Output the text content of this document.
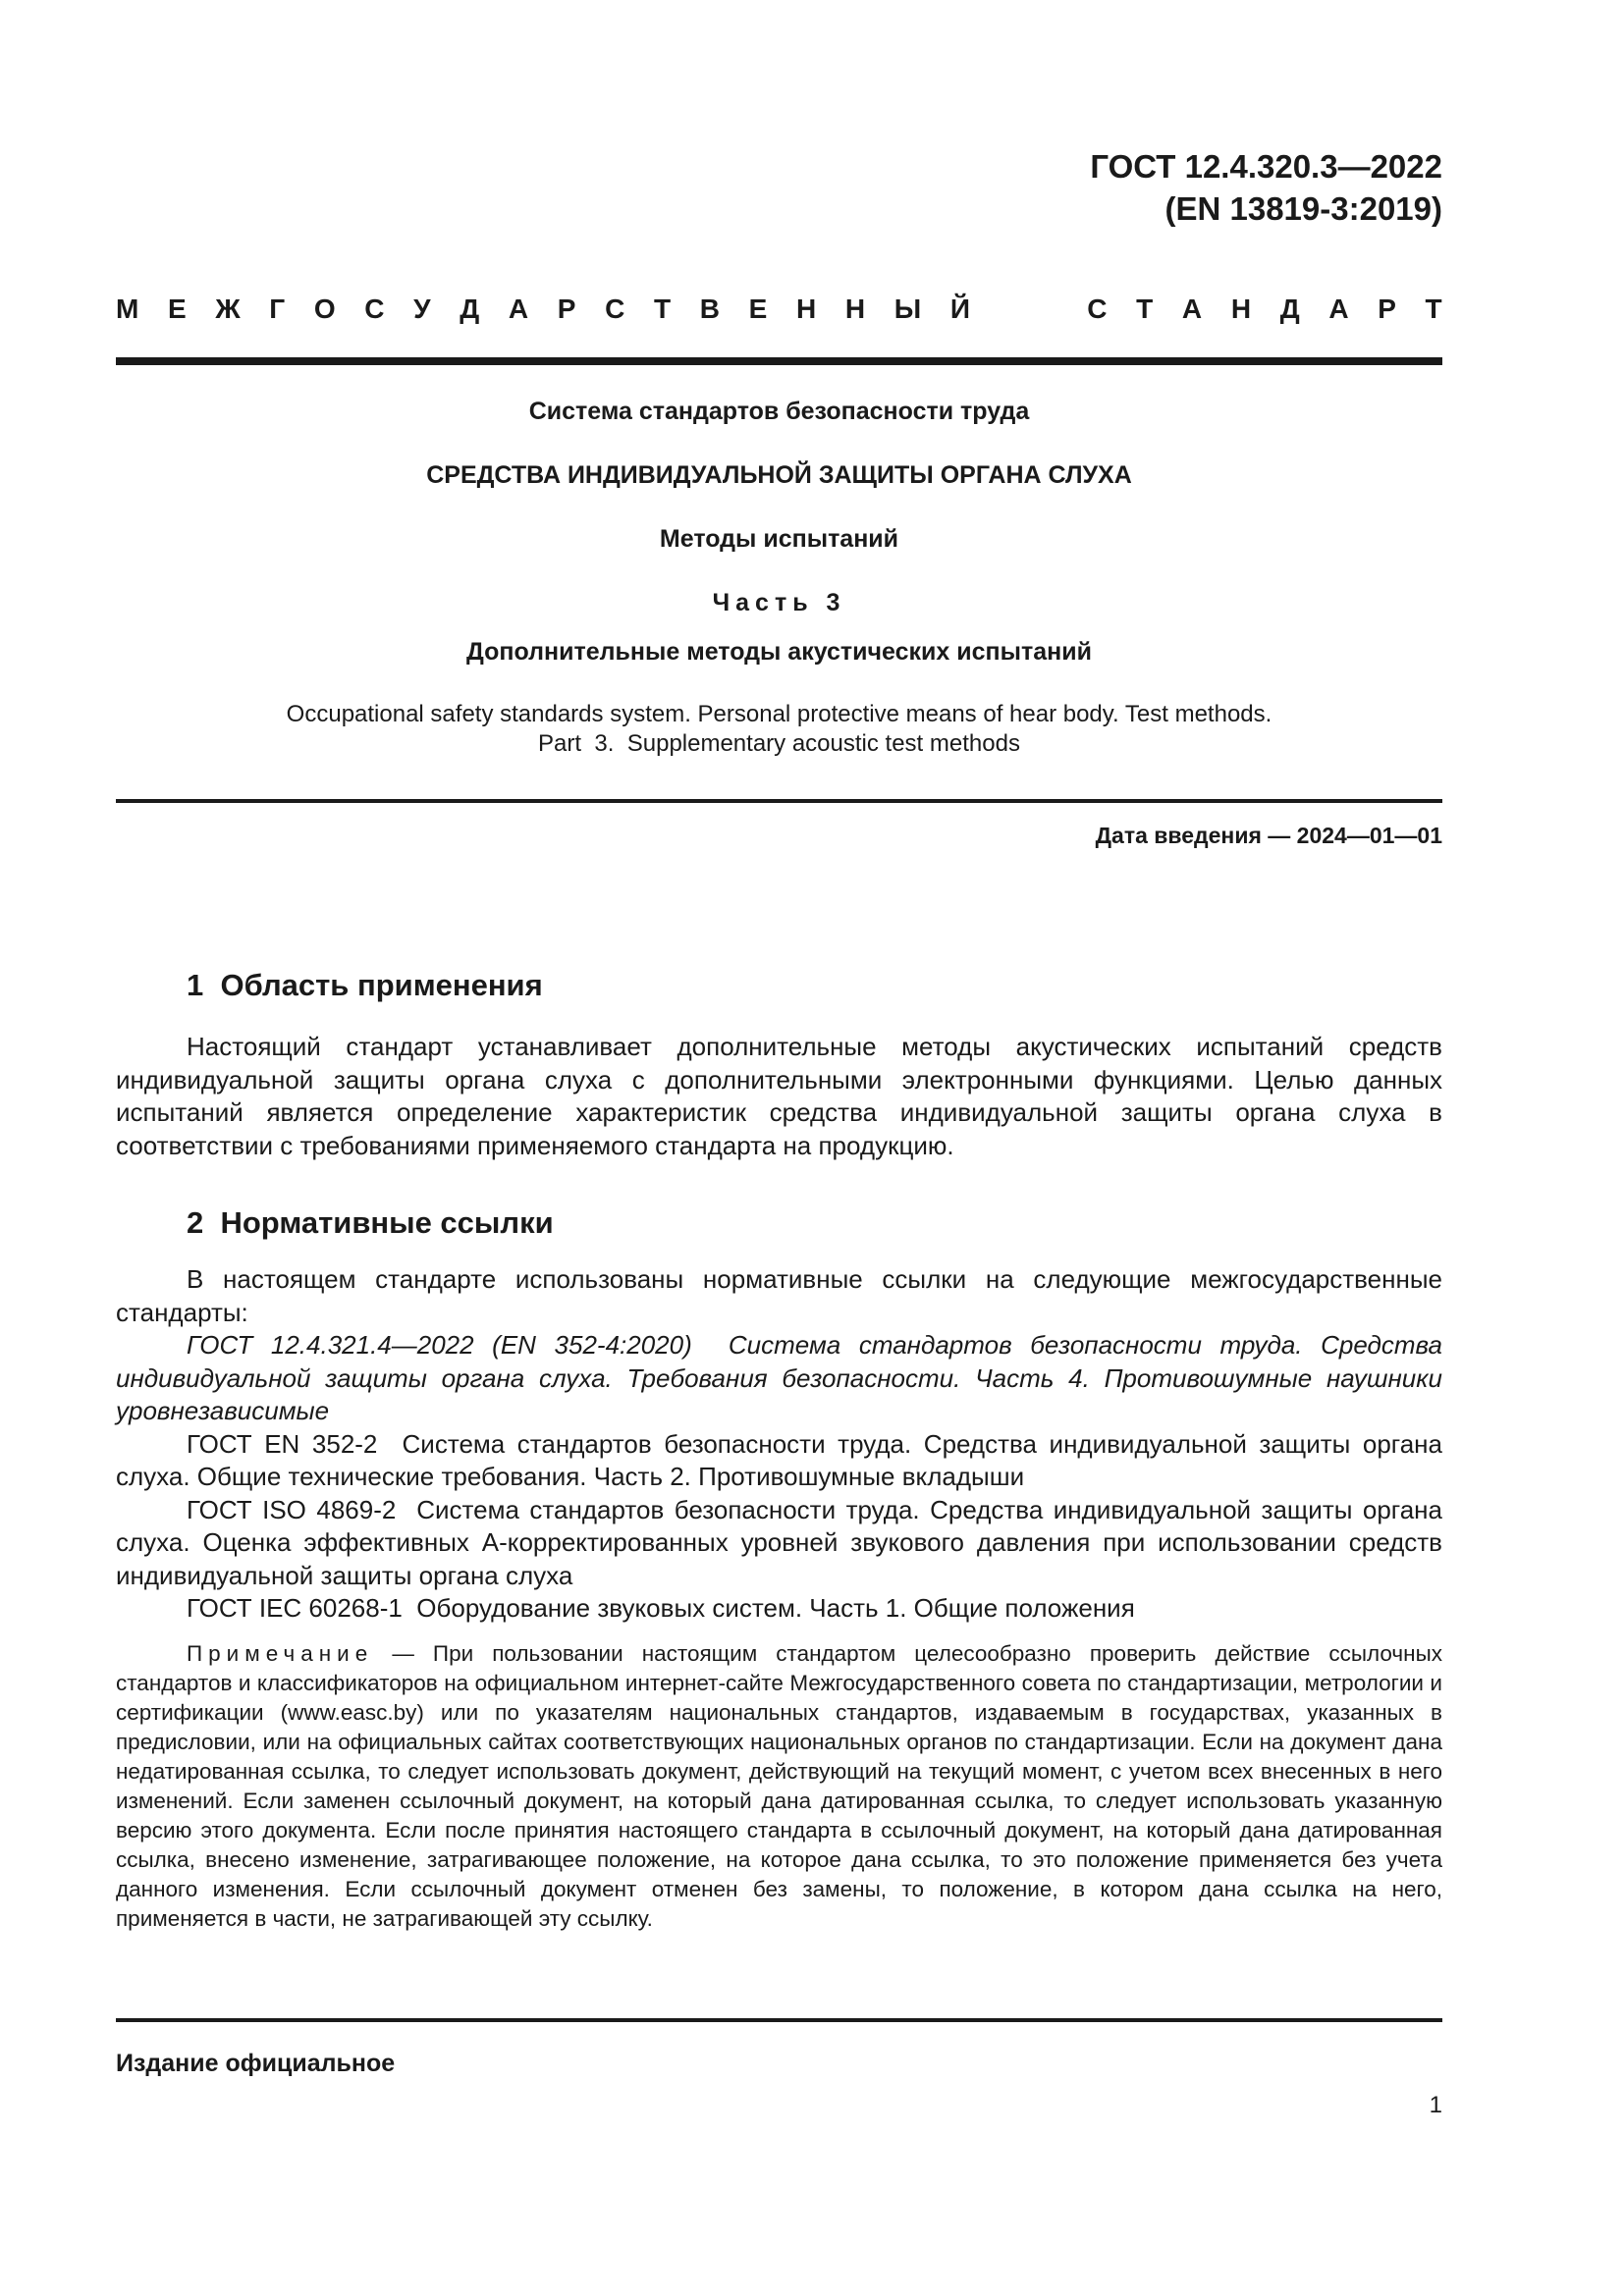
ГОСТ 12.4.320.3—2022
(EN 13819-3:2019)
М Е Ж Г О С У Д А Р С Т В Е Н Н Ы Й	С Т А Н Д А Р Т
Система стандартов безопасности труда
СРЕДСТВА ИНДИВИДУАЛЬНОЙ ЗАЩИТЫ ОРГАНА СЛУХА
Методы испытаний
Часть 3
Дополнительные методы акустических испытаний
Occupational safety standards system. Personal protective means of hear body. Test methods.
Part  3.  Supplementary acoustic test methods
Дата введения — 2024—01—01
1  Область применения

Настоящий стандарт устанавливает дополнительные методы акустических испытаний средств индивидуальной защиты органа слуха с дополнительными электронными функциями. Целью данных испытаний является определение характеристик средства индивидуальной защиты органа слуха в соответствии с требованиями применяемого стандарта на продукцию.

2  Нормативные ссылки

В настоящем стандарте использованы нормативные ссылки на следующие межгосударственные стандарты:

ГОСТ 12.4.321.4—2022 (EN 352-4:2020)  Система стандартов безопасности труда. Средства индивидуальной защиты органа слуха. Требования безопасности. Часть 4. Противошумные наушники уровнезависимые

ГОСТ EN 352-2  Система стандартов безопасности труда. Средства индивидуальной защиты органа слуха. Общие технические требования. Часть 2. Противошумные вкладыши

ГОСТ ISO 4869-2  Система стандартов безопасности труда. Средства индивидуальной защиты органа слуха. Оценка эффективных А-корректированных уровней звукового давления при использовании средств индивидуальной защиты органа слуха

ГОСТ IEC 60268-1  Оборудование звуковых систем. Часть 1. Общие положения

Примечание — При пользовании настоящим стандартом целесообразно проверить действие ссылочных стандартов и классификаторов на официальном интернет-сайте Межгосударственного совета по стандартизации, метрологии и сертификации (www.easc.by) или по указателям национальных стандартов, издаваемым в государствах, указанных в предисловии, или на официальных сайтах соответствующих национальных органов по стандартизации. Если на документ дана недатированная ссылка, то следует использовать документ, действующий на текущий момент, с учетом всех внесенных в него изменений. Если заменен ссылочный документ, на который дана датированная ссылка, то следует использовать указанную версию этого документа. Если после принятия настоящего стандарта в ссылочный документ, на который дана датированная ссылка, внесено изменение, затрагивающее положение, на которое дана ссылка, то это положение применяется без учета данного изменения. Если ссылочный документ отменен без замены, то положение, в котором дана ссылка на него, применяется в части, не затрагивающей эту ссылку.
Издание официальное
1
